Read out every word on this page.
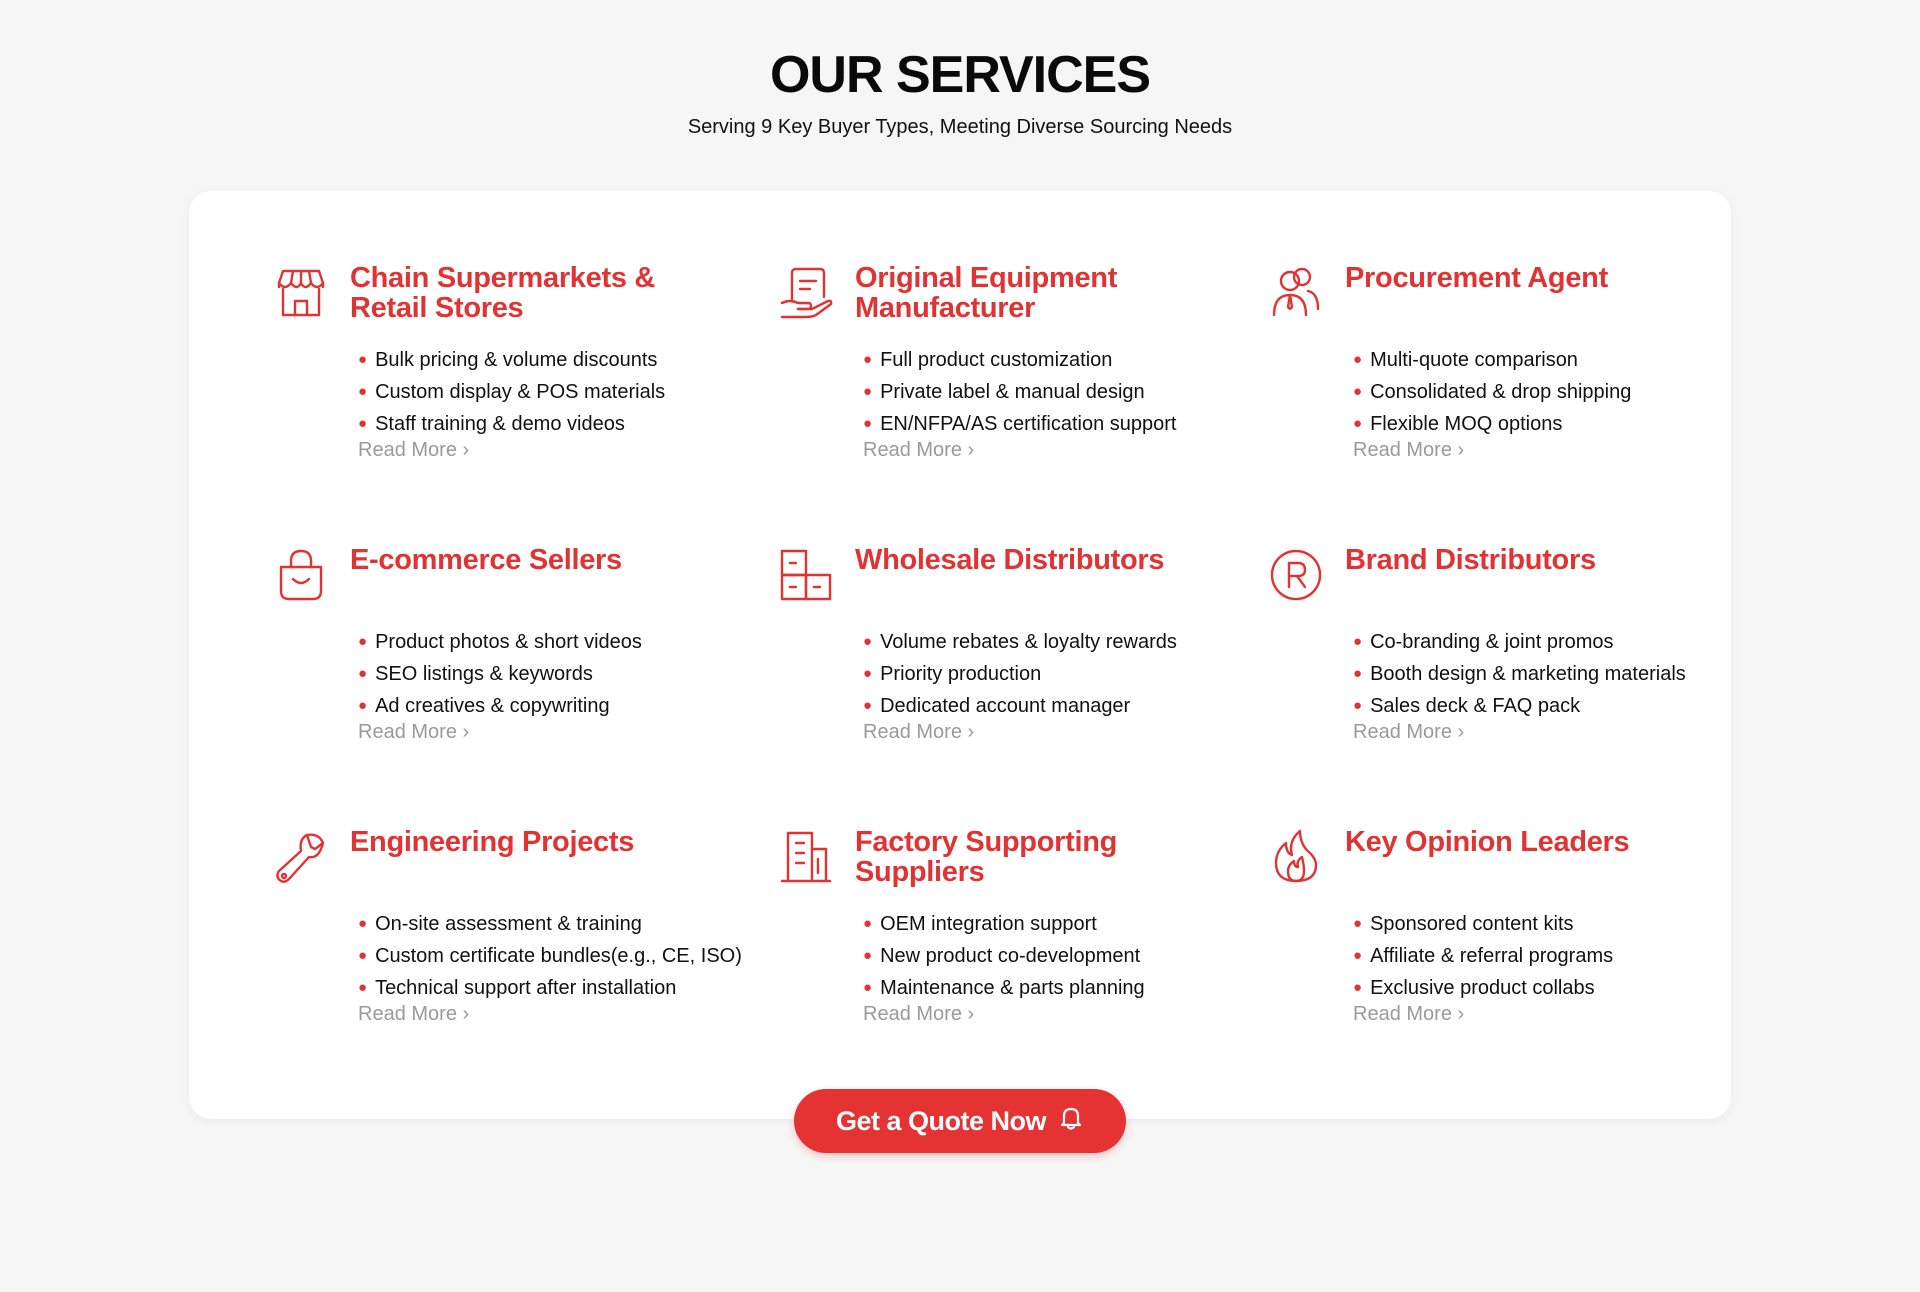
OUR SERVICES

Serving 9 Key Buyer Types, Meeting Diverse Sourcing Needs

Chain Supermarkets & Retail Stores
● Bulk pricing & volume discounts
● Custom display & POS materials
● Staff training & demo videos
Read More ›
Original Equipment Manufacturer
● Full product customization
● Private label & manual design
● EN/NFPA/AS certification support
Read More ›
Procurement Agent
● Multi-quote comparison
● Consolidated & drop shipping
● Flexible MOQ options
Read More ›
E-commerce Sellers
● Product photos & short videos
● SEO listings & keywords
● Ad creatives & copywriting
Read More ›
Wholesale Distributors
● Volume rebates & loyalty rewards
● Priority production
● Dedicated account manager
Read More ›
Brand Distributors
● Co-branding & joint promos
● Booth design & marketing materials
● Sales deck & FAQ pack
Read More ›
Engineering Projects
● On-site assessment & training
● Custom certificate bundles(e.g., CE, ISO)
● Technical support after installation
Read More ›
Factory Supporting Suppliers
● OEM integration support
● New product co-development
● Maintenance & parts planning
Read More ›
Key Opinion Leaders
● Sponsored content kits
● Affiliate & referral programs
● Exclusive product collabs
Read More ›
Get a Quote Now
